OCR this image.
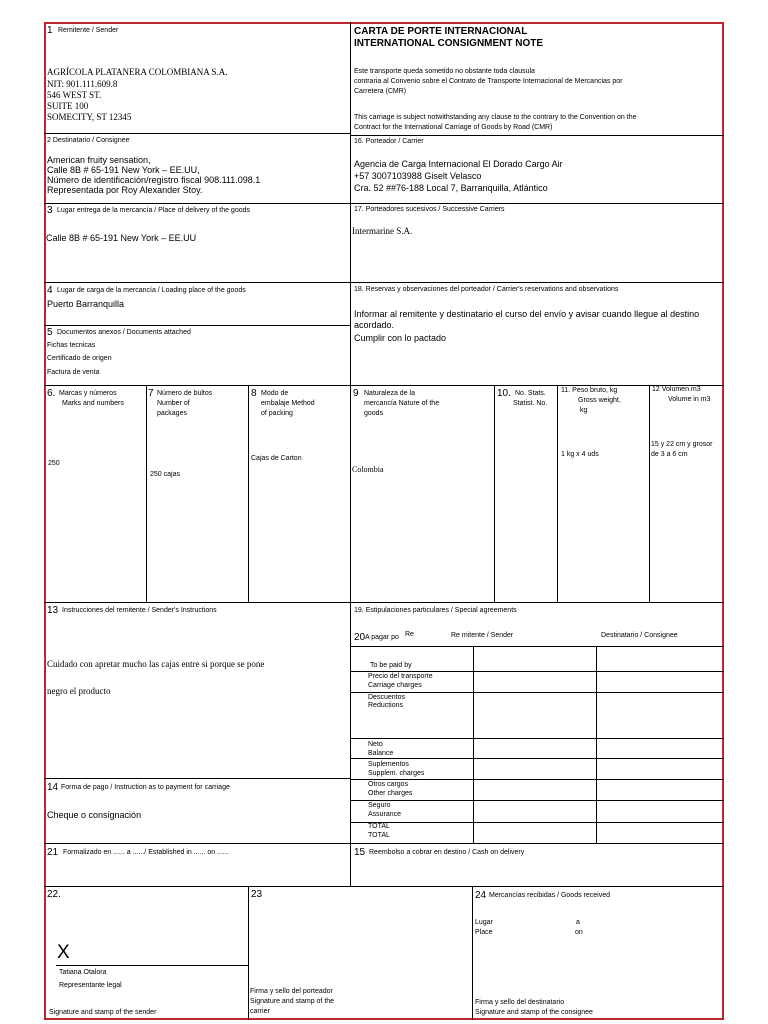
1 Remitente / Sender
AGRÍCOLA PLATANERA COLOMBIANA S.A.
NIT: 901.111.609.8
546 WEST ST.
SUITE 100
SOMECITY, ST 12345
CARTA DE PORTE INTERNACIONAL
INTERNATIONAL CONSIGNMENT NOTE
Este transporte queda sometido no obstante toda clausula
contraria al Convenio sobre el Contrato de Transporte Internacional de Mercancias por
Carretera (CMR)
This carriage is subject notwithstanding any clause to the contrary to the Convention on the
Contract for the International Carriage of Goods by Road (CMR)
2 Destinatario / Consignee
American fruity sensation,
Calle 8B # 65-191 New York – EE.UU,
Número de identificación/registro fiscal 908.111.098.1
Representada por Roy Alexander Stoy.
16. Porteador / Carrier
Agencia de Carga Internacional El Dorado Cargo Air
+57 3007103988 Giselt Velasco
Cra. 52 ##76-188 Local 7, Barranquilla, Atlántico
3 Lugar entrega de la mercancía / Place of delivery of the goods
Calle 8B # 65-191 New York – EE.UU
17. Porteadores sucesivos / Successive Carriers
Intermarine S.A.
4 Lugar de carga de la mercancía / Loading place of the goods
Puerto Barranquilla
18. Reservas y observaciones del porteador / Carrier's reservations and observations
Informar al remitente y destinatario el curso del envío y avisar cuando llegue al destino
acordado.
Cumplir con lo pactado
5 Documentos anexos / Documents attached
Fichas tecnicas
Certificado de origen
Factura de venta
6. Marcas y números
Marks and numbers
250
7 Número de bultos
Number of
packages
250 cajas
8 Modo de
embalaje Method
of packing
Cajas de Carton
9 Naturaleza de la
mercancía Nature of the
goods
Colombia
10. No. Stats.
Statist. No.
11. Peso bruto, kg
Gross weight,
kg
1 kg x 4 uds
12 Volumen m3
Volume in m3
15 y 22 cm y grosor
de 3 a 6 cm
13 Instrucciones del remitente / Sender's Instructions
Cuidado con apretar mucho las cajas entre si porque se pone
negro el producto
19. Estipulaciones particulares / Special agreements
20 A pagar po Re	Re mitente / Sender	Destinatario / Consignee
To be paid by
Precio del transporte
Carriage charges
Descuentos
Reductions
Neto
Balance
Suplementos
Supplem. charges
Otros cargos
Other charges
Seguro
Assurance
TOTAL
TOTAL
14 Forma de pago / Instruction as to payment for carriage
Cheque o consignación
21 Formalizado en ...... a ....../ Established in ...... on ......	15 Reembolso a cobrar en destino / Cash on delivery
22.
X
Tatiana Otalora
Representante legal
Signature and stamp of the sender
23
Firma y sello del porteador
Signature and stamp of the
carrier
24 Mercancías recibidas / Goods received
Lugar
Place
a
on
Firma y sello del destinatario
Signature and stamp of the consignee
